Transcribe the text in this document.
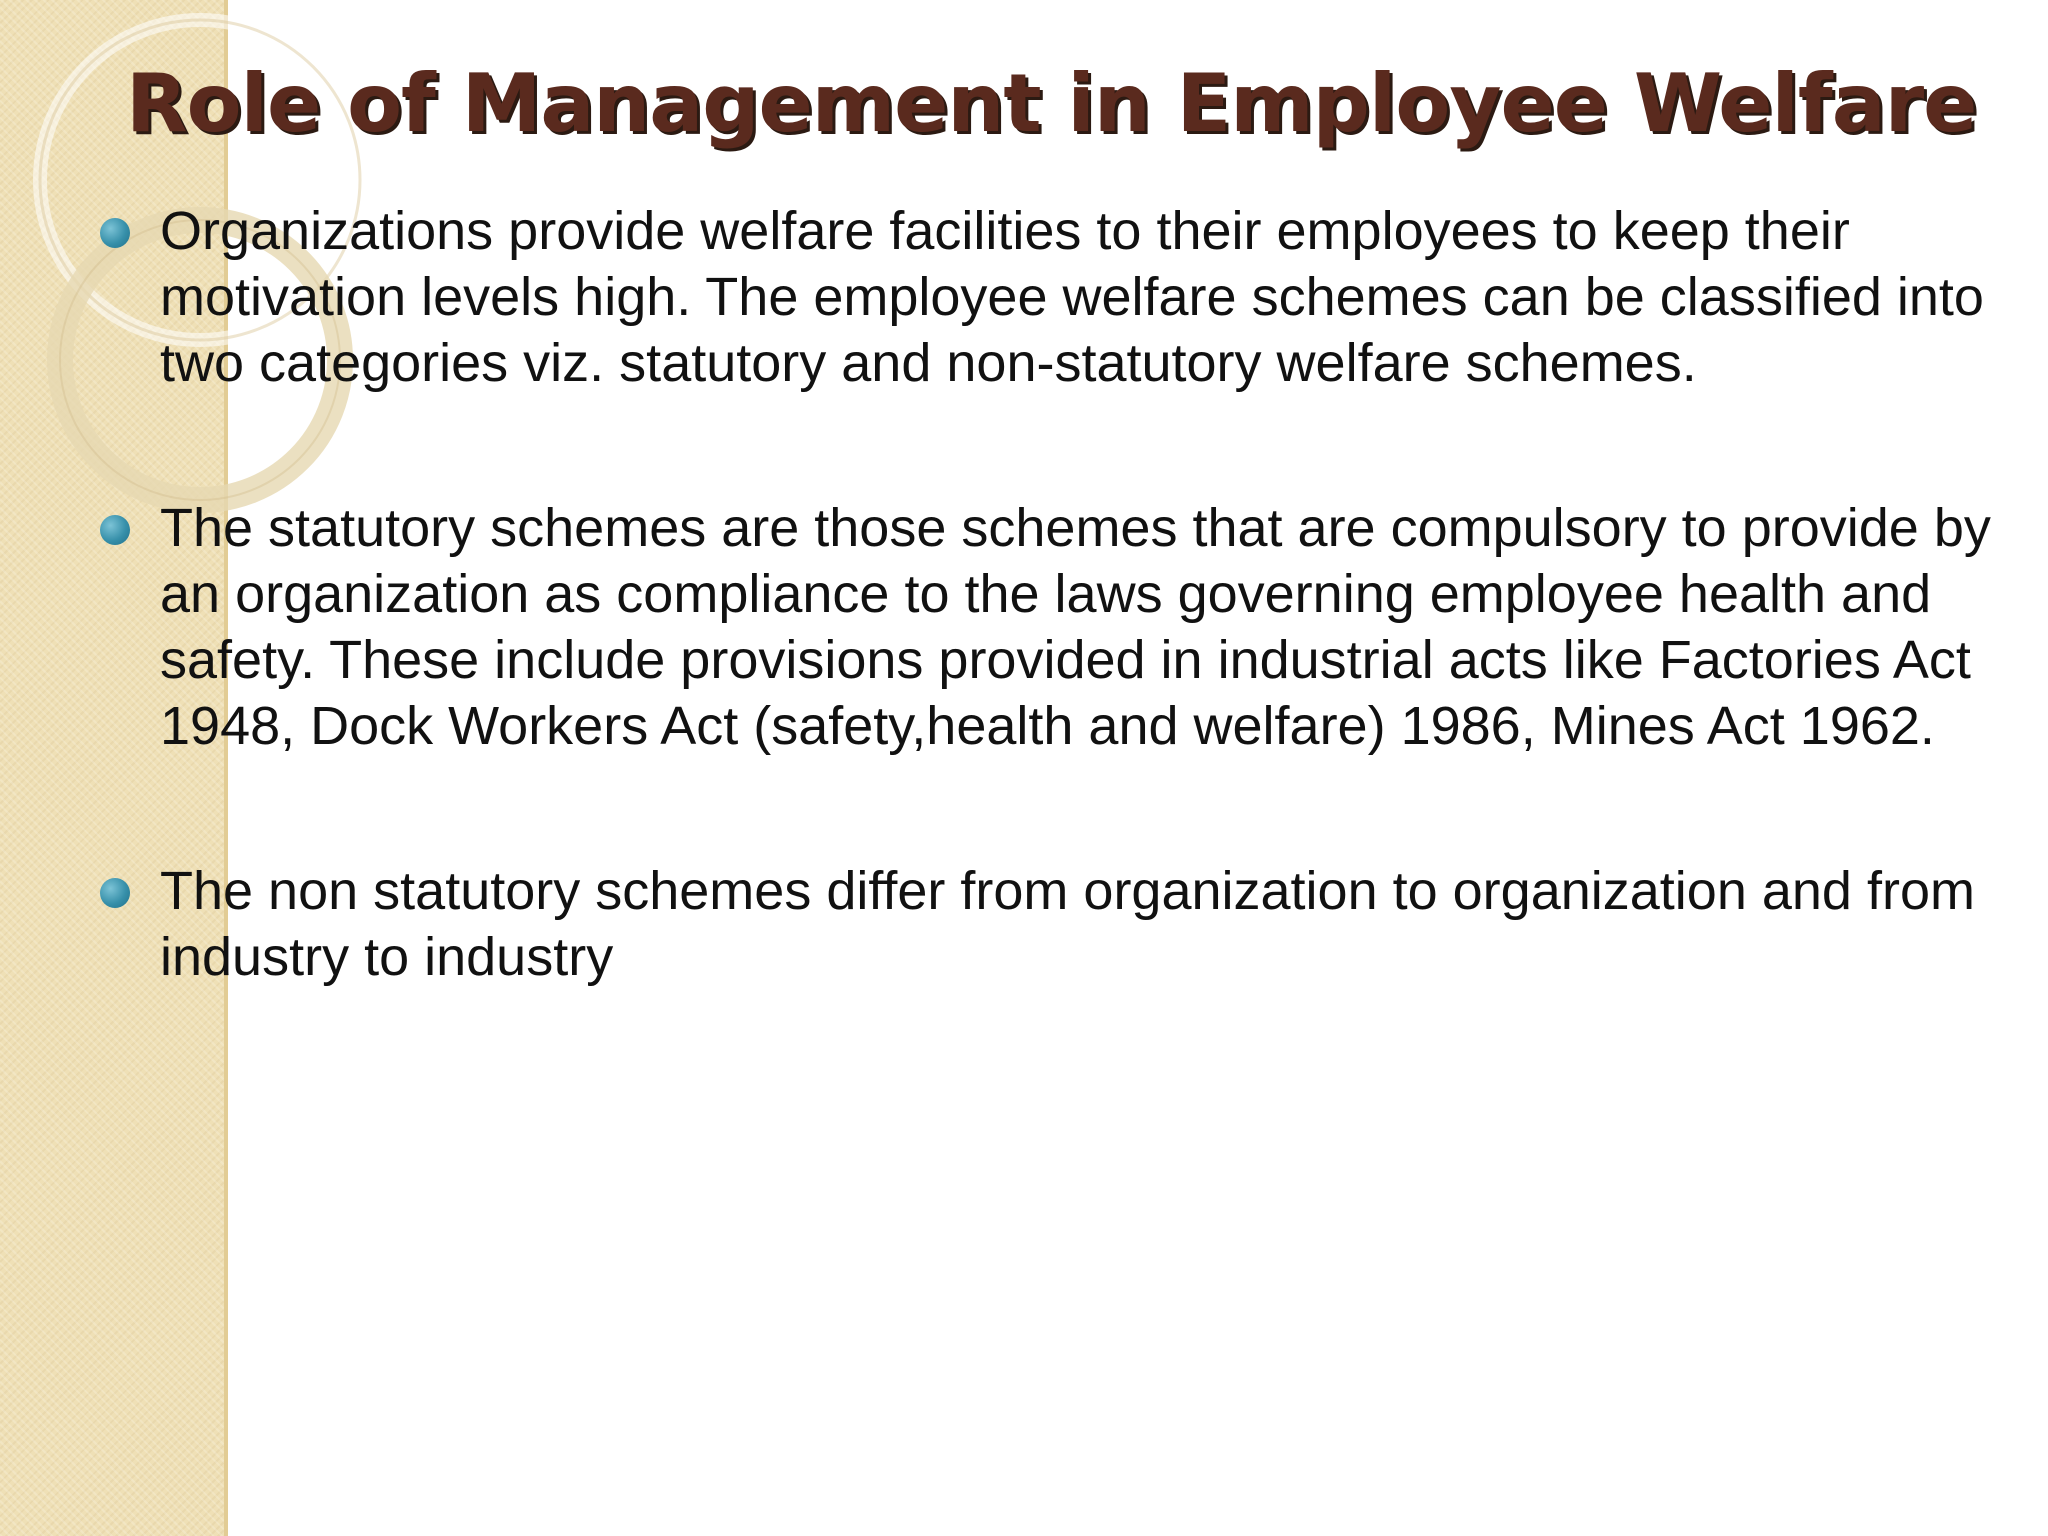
Role of Management in Employee Welfare
Organizations provide welfare facilities to their employees to keep their motivation levels high. The employee welfare schemes can be classified into two categories viz. statutory and non-statutory welfare schemes.
The statutory schemes are those schemes that are compulsory to provide by an organization as compliance to the laws governing employee health and safety. These include provisions provided in industrial acts like Factories Act 1948, Dock Workers Act (safety,health and welfare) 1986, Mines Act 1962.
The non statutory schemes differ from organization to organization and from industry to industry
